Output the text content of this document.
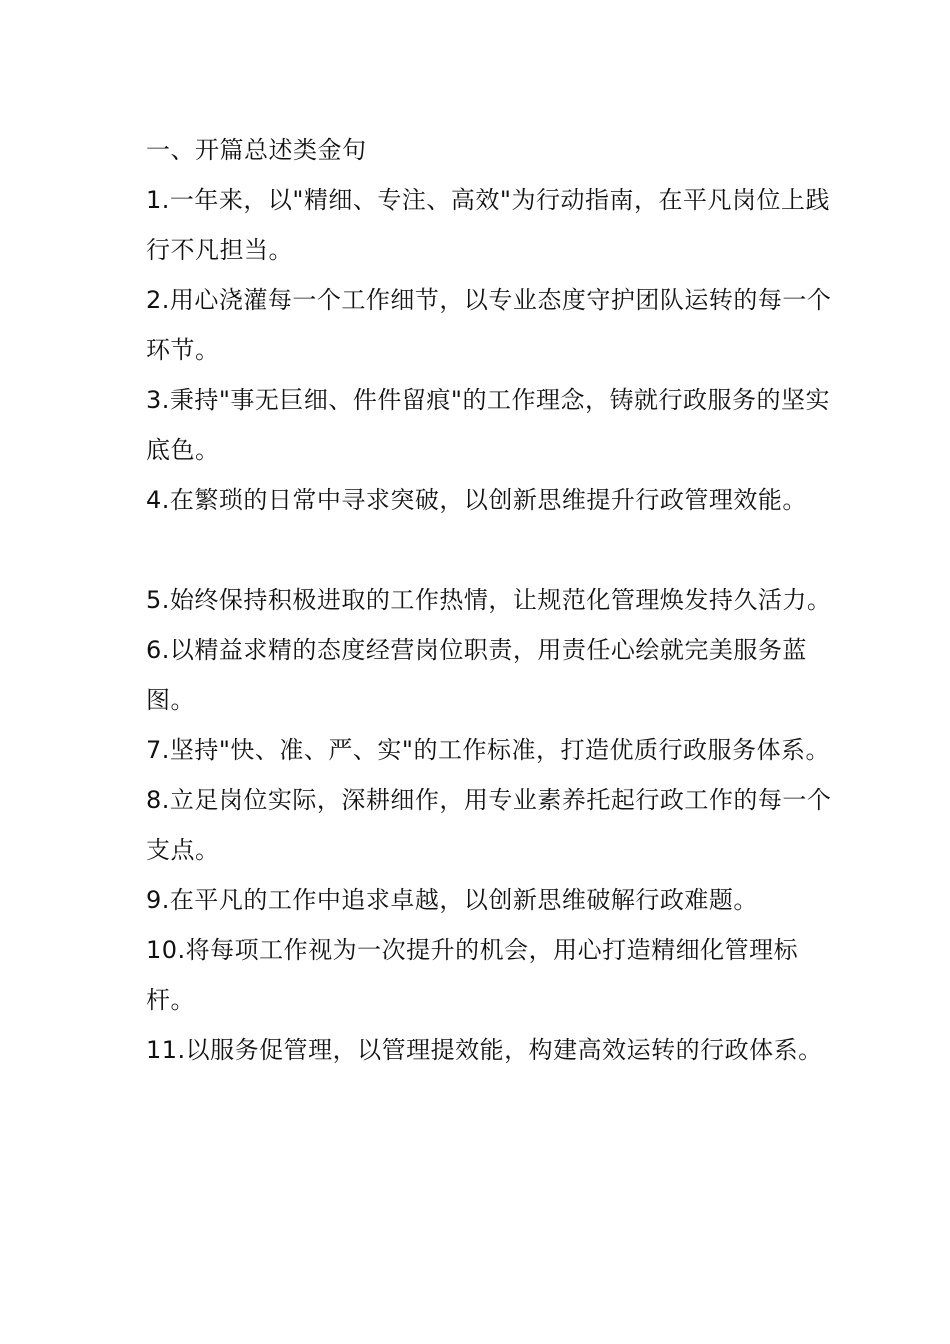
一、开篇总述类金句

1.一年来，以"精细、专注、高效"为行动指南，在平凡岗位上践行不凡担当。

2.用心浇灌每一个工作细节，以专业态度守护团队运转的每一个环节。

3.秉持"事无巨细、件件留痕"的工作理念，铸就行政服务的坚实底色。

4.在繁琐的日常中寻求突破，以创新思维提升行政管理效能。

5.始终保持积极进取的工作热情，让规范化管理焕发持久活力。

6.以精益求精的态度经营岗位职责，用责任心绘就完美服务蓝图。

7.坚持"快、准、严、实"的工作标准，打造优质行政服务体系。

8.立足岗位实际，深耕细作，用专业素养托起行政工作的每一个支点。

9.在平凡的工作中追求卓越，以创新思维破解行政难题。

10.将每项工作视为一次提升的机会，用心打造精细化管理标杆。

11.以服务促管理，以管理提效能，构建高效运转的行政体系。
